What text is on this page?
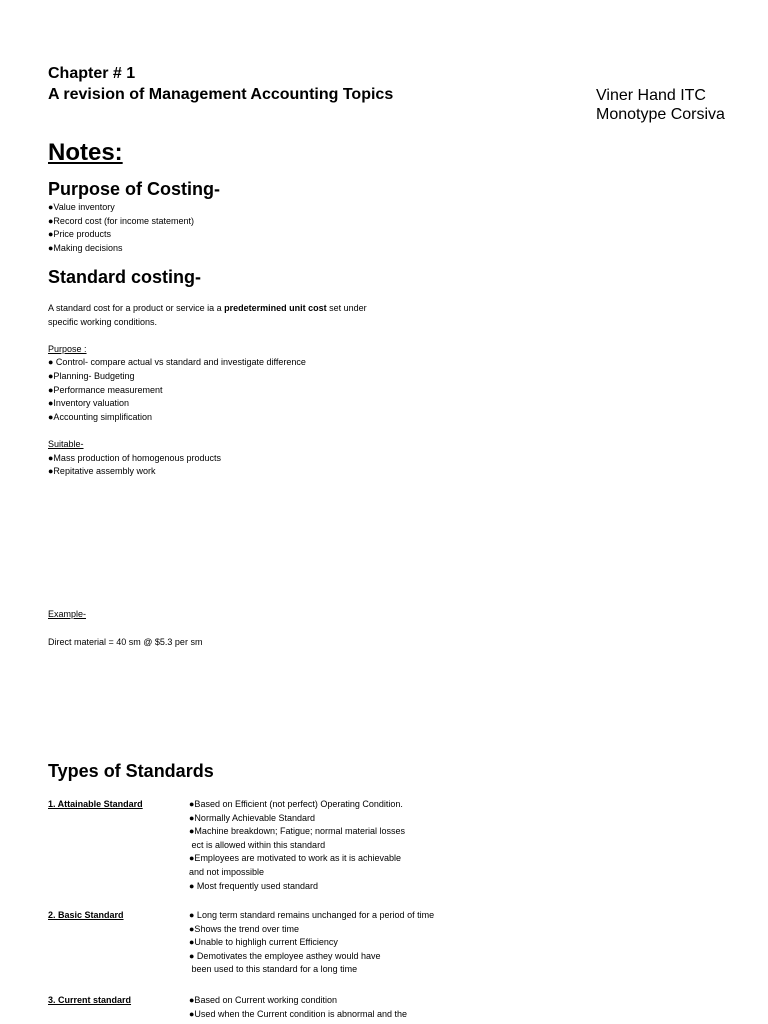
Chapter # 1
A revision of Management Accounting Topics	Viner Hand ITC
Monotype Corsiva
Notes:
Purpose of Costing-
●Value inventory
●Record cost (for income statement)
●Price products
●Making decisions
Standard costing-
A standard cost for a product or service ia a predetermined unit cost set under
specific working conditions.
Purpose :
● Control- compare actual vs standard and investigate difference
●Planning- Budgeting
●Performance measurement
●Inventory valuation
●Accounting simplification
Suitable-
●Mass production of homogenous products
●Repitative assembly work
Example-
Direct material = 40 sm @ $5.3 per sm
Types of Standards
1. Attainable Standard	●Based on Efficient (not perfect) Operating Condition.
●Normally Achievable Standard
●Machine breakdown; Fatigue; normal material losses
ect is allowed within this standard
●Employees are motivated to work as it is achievable
and not impossible
● Most frequently used standard
2. Basic Standard	● Long term standard remains unchanged for a period of time
●Shows the trend over time
●Unable to highligh current Efficiency
● Demotivates the employee asthey would have
been used to this standard for a long time
3. Current standard	●Based on Current working condition
●Used when the Current condition is abnormal and the
